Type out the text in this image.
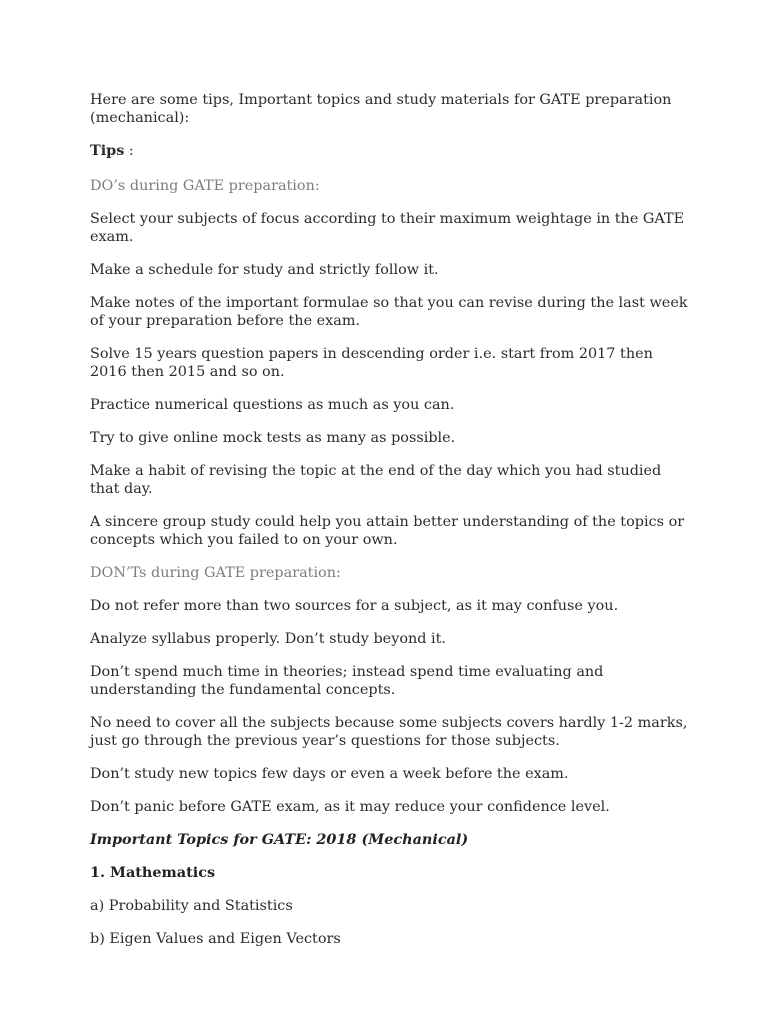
Here are some tips, Important topics and study materials for GATE preparation (mechanical):

Tips :

DO’s during GATE preparation:

Select your subjects of focus according to their maximum weightage in the GATE exam.

Make a schedule for study and strictly follow it.

Make notes of the important formulae so that you can revise during the last week of your preparation before the exam.

Solve 15 years question papers in descending order i.e. start from 2017 then 2016 then 2015 and so on.

Practice numerical questions as much as you can.

Try to give online mock tests as many as possible.

Make a habit of revising the topic at the end of the day which you had studied that day.

A sincere group study could help you attain better understanding of the topics or concepts which you failed to on your own.

DON’Ts during GATE preparation:

Do not refer more than two sources for a subject, as it may confuse you.

Analyze syllabus properly. Don’t study beyond it.

Don’t spend much time in theories; instead spend time evaluating and understanding the fundamental concepts.

No need to cover all the subjects because some subjects covers hardly 1-2 marks, just go through the previous year’s questions for those subjects.

Don’t study new topics few days or even a week before the exam.

Don’t panic before GATE exam, as it may reduce your confidence level.

Important Topics for GATE: 2018 (Mechanical)

1. Mathematics

a) Probability and Statistics

b) Eigen Values and Eigen Vectors
